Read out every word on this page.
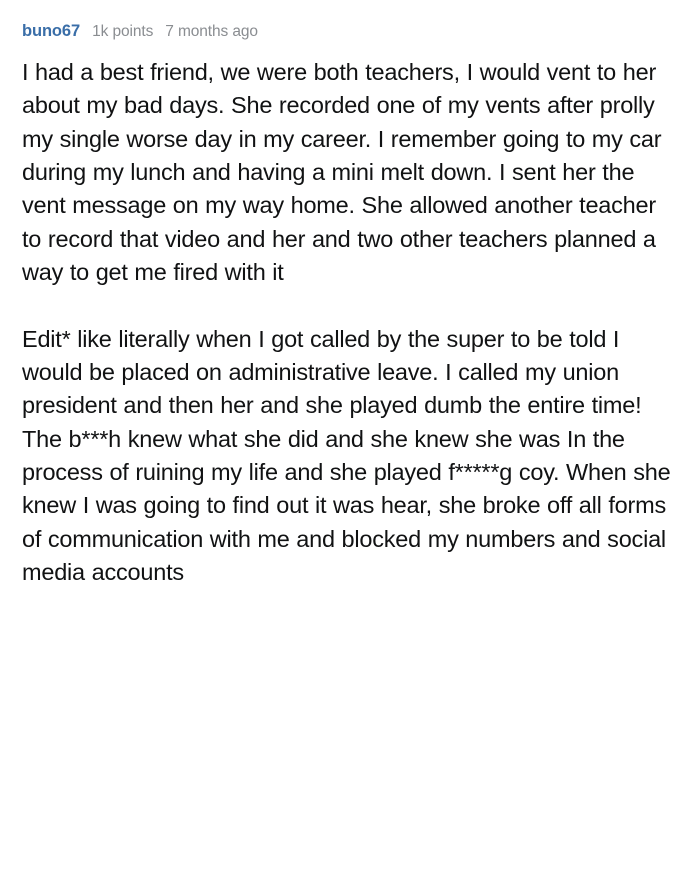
buno67 1k points 7 months ago

I had a best friend, we were both teachers, I would vent to her about my bad days. She recorded one of my vents after prolly my single worse day in my career. I remember going to my car during my lunch and having a mini melt down. I sent her the vent message on my way home. She allowed another teacher to record that video and her and two other teachers planned a way to get me fired with it

Edit* like literally when I got called by the super to be told I would be placed on administrative leave. I called my union president and then her and she played dumb the entire time! The b***h knew what she did and she knew she was In the process of ruining my life and she played f*****g coy. When she knew I was going to find out it was hear, she broke off all forms of communication with me and blocked my numbers and social media accounts
